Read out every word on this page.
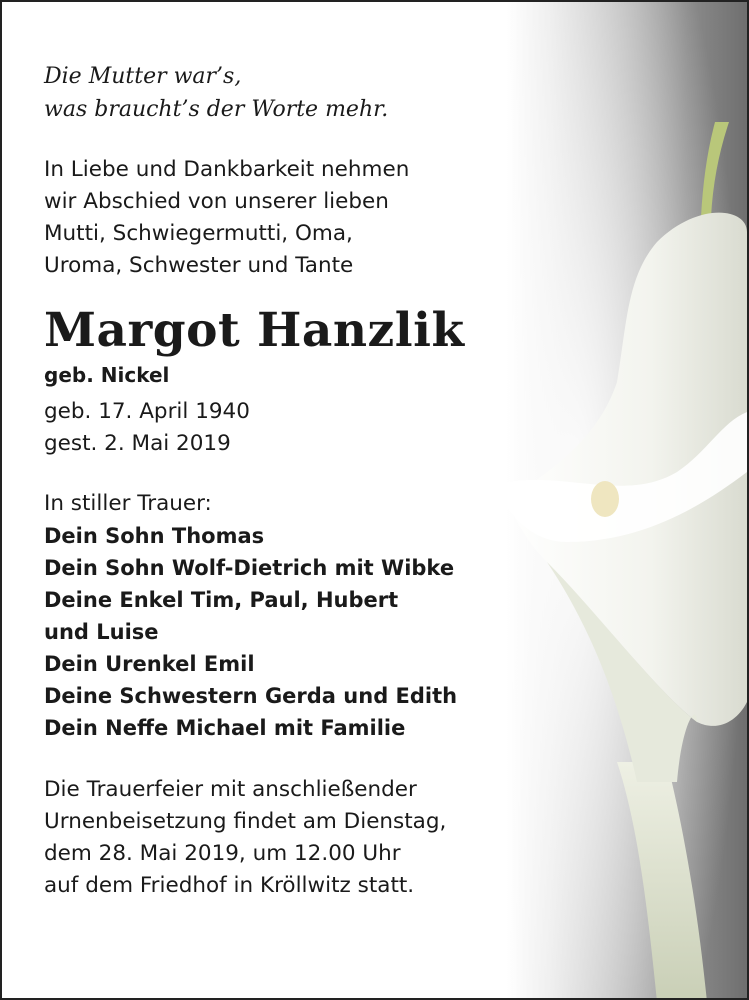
Die Mutter war’s,
was braucht’s der Worte mehr.

In Liebe und Dankbarkeit nehmen
wir Abschied von unserer lieben
Mutti, Schwiegermutti, Oma,
Uroma, Schwester und Tante

Margot Hanzlik

geb. Nickel

geb. 17. April 1940
gest. 2. Mai 2019

In stiller Trauer:

Dein Sohn Thomas
Dein Sohn Wolf-Dietrich mit Wibke
Deine Enkel Tim, Paul, Hubert
und Luise
Dein Urenkel Emil
Deine Schwestern Gerda und Edith
Dein Neffe Michael mit Familie

Die Trauerfeier mit anschließender
Urnenbeisetzung findet am Dienstag,
dem 28. Mai 2019, um 12.00 Uhr
auf dem Friedhof in Kröllwitz statt.
